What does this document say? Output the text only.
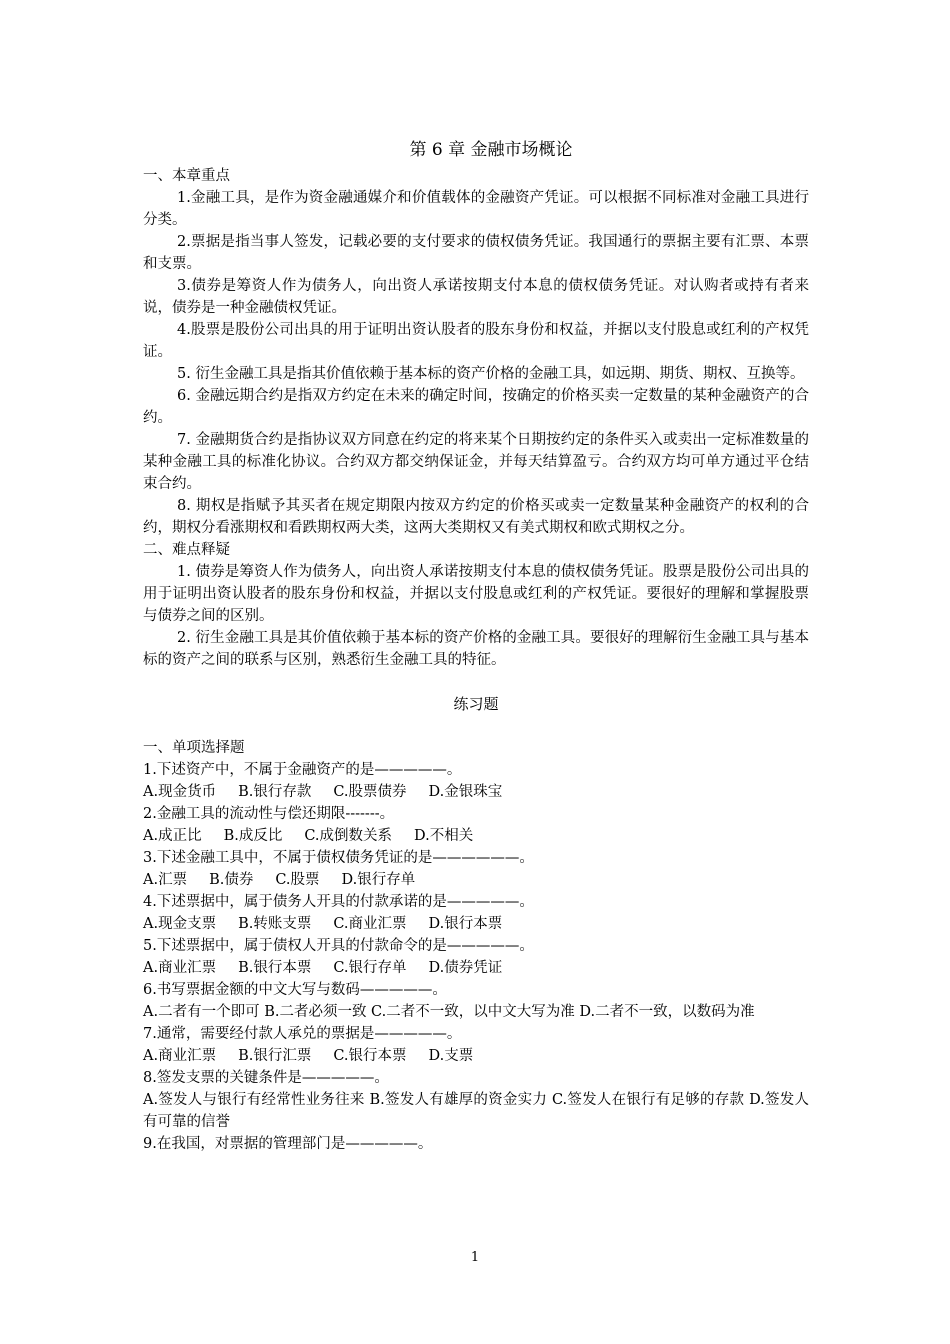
第 6 章 金融市场概论
一、本章重点
1.金融工具，是作为资金融通媒介和价值载体的金融资产凭证。可以根据不同标准对金融工具进行分类。
2.票据是指当事人签发，记载必要的支付要求的债权债务凭证。我国通行的票据主要有汇票、本票和支票。
3.债券是筹资人作为债务人，向出资人承诺按期支付本息的债权债务凭证。对认购者或持有者来说，债券是一种金融债权凭证。
4.股票是股份公司出具的用于证明出资认股者的股东身份和权益，并据以支付股息或红利的产权凭证。
5. 衍生金融工具是指其价值依赖于基本标的资产价格的金融工具，如远期、期货、期权、互换等。
6. 金融远期合约是指双方约定在未来的确定时间，按确定的价格买卖一定数量的某种金融资产的合约。
7. 金融期货合约是指协议双方同意在约定的将来某个日期按约定的条件买入或卖出一定标准数量的某种金融工具的标准化协议。合约双方都交纳保证金，并每天结算盈亏。合约双方均可单方通过平仓结束合约。
8. 期权是指赋予其买者在规定期限内按双方约定的价格买或卖一定数量某种金融资产的权利的合约，期权分看涨期权和看跌期权两大类，这两大类期权又有美式期权和欧式期权之分。
二、难点释疑
1. 债券是筹资人作为债务人，向出资人承诺按期支付本息的债权债务凭证。股票是股份公司出具的用于证明出资认股者的股东身份和权益，并据以支付股息或红利的产权凭证。要很好的理解和掌握股票与债券之间的区别。
2. 衍生金融工具是其价值依赖于基本标的资产价格的金融工具。要很好的理解衍生金融工具与基本标的资产之间的联系与区别，熟悉衍生金融工具的特征。
练习题
一、单项选择题
1.下述资产中，不属于金融资产的是—————。
A.现金货币 B.银行存款 C.股票债券 D.金银珠宝
2.金融工具的流动性与偿还期限-------。
A.成正比 B.成反比 C.成倒数关系 D.不相关
3.下述金融工具中，不属于债权债务凭证的是——————。
A.汇票 B.债券 C.股票 D.银行存单
4.下述票据中，属于债务人开具的付款承诺的是—————。
A.现金支票 B.转账支票 C.商业汇票 D.银行本票
5.下述票据中，属于债权人开具的付款命令的是—————。
A.商业汇票 B.银行本票 C.银行存单 D.债券凭证
6.书写票据金额的中文大写与数码—————。
A.二者有一个即可 B.二者必须一致 C.二者不一致，以中文大写为准 D.二者不一致，以数码为准
7.通常，需要经付款人承兑的票据是—————。
A.商业汇票 B.银行汇票 C.银行本票 D.支票
8.签发支票的关键条件是—————。
A.签发人与银行有经常性业务往来 B.签发人有雄厚的资金实力 C.签发人在银行有足够的存款 D.签发人有可靠的信誉
9.在我国，对票据的管理部门是—————。
1
